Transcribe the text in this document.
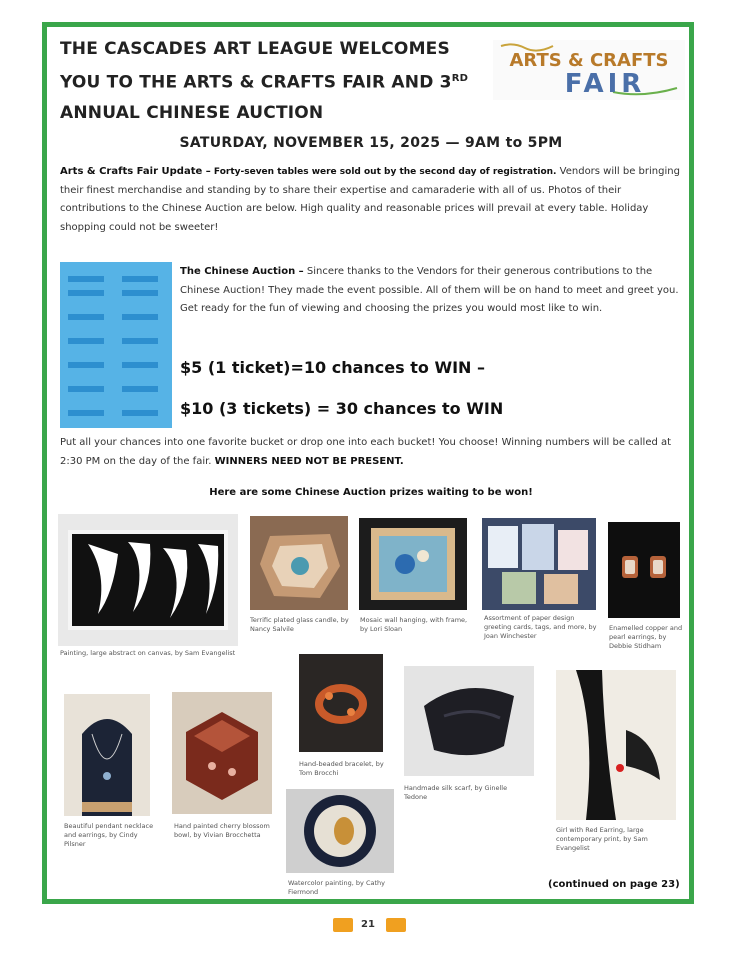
THE CASCADES ART LEAGUE WELCOMES
YOU TO THE ARTS & CRAFTS FAIR AND 3RD
ANNUAL CHINESE AUCTION
ARTS & CRAFTS
FAIR
SATURDAY, NOVEMBER 15, 2025 — 9AM to 5PM
Arts & Crafts Fair Update – Forty-seven tables were sold out by the second day of registration. Vendors will be bringing their finest merchandise and standing by to share their expertise and camaraderie with all of us. Photos of their contributions to the Chinese Auction are below. High quality and reasonable prices will prevail at every table. Holiday shopping could not be sweeter!
The Chinese Auction – Sincere thanks to the Vendors for their generous contributions to the Chinese Auction! They made the event possible. All of them will be on hand to meet and greet you. Get ready for the fun of viewing and choosing the prizes you would most like to win.
$5 (1 ticket)=10 chances to WIN –
$10 (3 tickets) = 30 chances to WIN
Put all your chances into one favorite bucket or drop one into each bucket! You choose! Winning numbers will be called at 2:30 PM on the day of the fair. WINNERS NEED NOT BE PRESENT.
Here are some Chinese Auction prizes waiting to be won!
Painting, large abstract on canvas, by Sam Evangelist
Terrific plated glass candle, by Nancy Salvile
Mosaic wall hanging, with frame, by Lori Sloan
Assortment of paper design greeting cards, tags, and more, by Joan Winchester
Enamelled copper and pearl earrings, by Debbie Stidham
Beautiful pendant necklace and earrings, by Cindy Pilsner
Hand painted cherry blossom bowl, by Vivian Brocchetta
Hand-beaded bracelet, by Tom Brocchi
Watercolor painting, by Cathy Fiermond
Handmade silk scarf, by Ginelle Tedone
Girl with Red Earring, large contemporary print, by Sam Evangelist
(continued on page 23)
21
